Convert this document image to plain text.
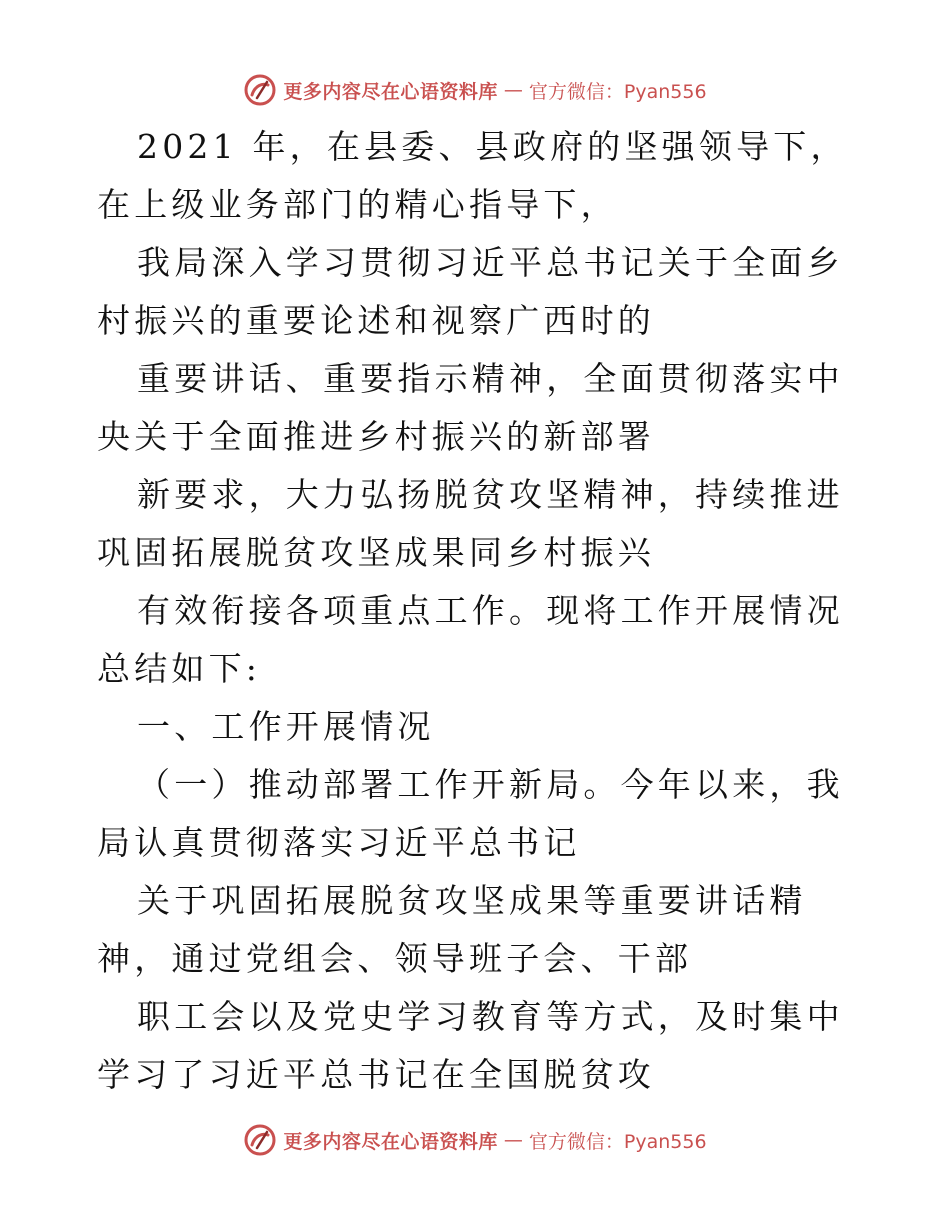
更多内容尽在心语资料库 — 官方微信：Pyan556

2021 年，在县委、县政府的坚强领导下，在上级业务部门的精心指导下，

我局深入学习贯彻习近平总书记关于全面乡村振兴的重要论述和视察广西时的

重要讲话、重要指示精神，全面贯彻落实中央关于全面推进乡村振兴的新部署

新要求，大力弘扬脱贫攻坚精神，持续推进巩固拓展脱贫攻坚成果同乡村振兴

有效衔接各项重点工作。现将工作开展情况总结如下:

一、工作开展情况

（一）推动部署工作开新局。今年以来，我局认真贯彻落实习近平总书记

关于巩固拓展脱贫攻坚成果等重要讲话精神，通过党组会、领导班子会、干部

职工会以及党史学习教育等方式，及时集中学习了习近平总书记在全国脱贫攻

更多内容尽在心语资料库 — 官方微信：Pyan556
